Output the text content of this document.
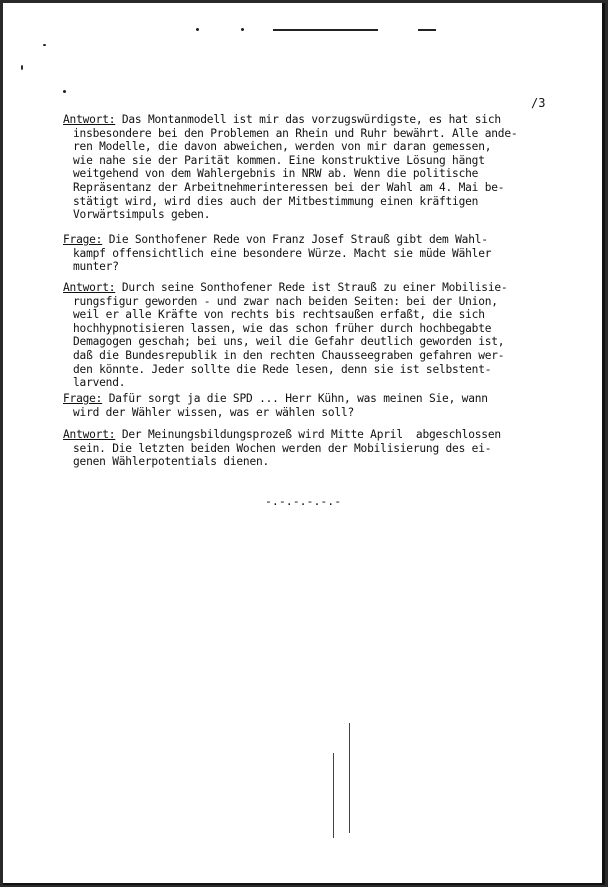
/3
Antwort: Das Montanmodell ist mir das vorzugswürdigste, es hat sich
insbesondere bei den Problemen an Rhein und Ruhr bewährt. Alle ande-
ren Modelle, die davon abweichen, werden von mir daran gemessen,
wie nahe sie der Parität kommen. Eine konstruktive Lösung hängt
weitgehend von dem Wahlergebnis in NRW ab. Wenn die politische
Repräsentanz der Arbeitnehmerinteressen bei der Wahl am 4. Mai be-
stätigt wird, wird dies auch der Mitbestimmung einen kräftigen
Vorwärtsimpuls geben.
Frage: Die Sonthofener Rede von Franz Josef Strauß gibt dem Wahl-
kampf offensichtlich eine besondere Würze. Macht sie müde Wähler
munter?
Antwort: Durch seine Sonthofener Rede ist Strauß zu einer Mobilisie-
rungsfigur geworden - und zwar nach beiden Seiten: bei der Union,
weil er alle Kräfte von rechts bis rechtsaußen erfaßt, die sich
hochhypnotisieren lassen, wie das schon früher durch hochbegabte
Demagogen geschah; bei uns, weil die Gefahr deutlich geworden ist,
daß die Bundesrepublik in den rechten Chausseegraben gefahren wer-
den könnte. Jeder sollte die Rede lesen, denn sie ist selbstent-
larvend.
Frage: Dafür sorgt ja die SPD ... Herr Kühn, was meinen Sie, wann
wird der Wähler wissen, was er wählen soll?
Antwort: Der Meinungsbildungsprozeß wird Mitte April  abgeschlossen
sein. Die letzten beiden Wochen werden der Mobilisierung des ei-
genen Wählerpotentials dienen.
-.-.-.-.-.-
